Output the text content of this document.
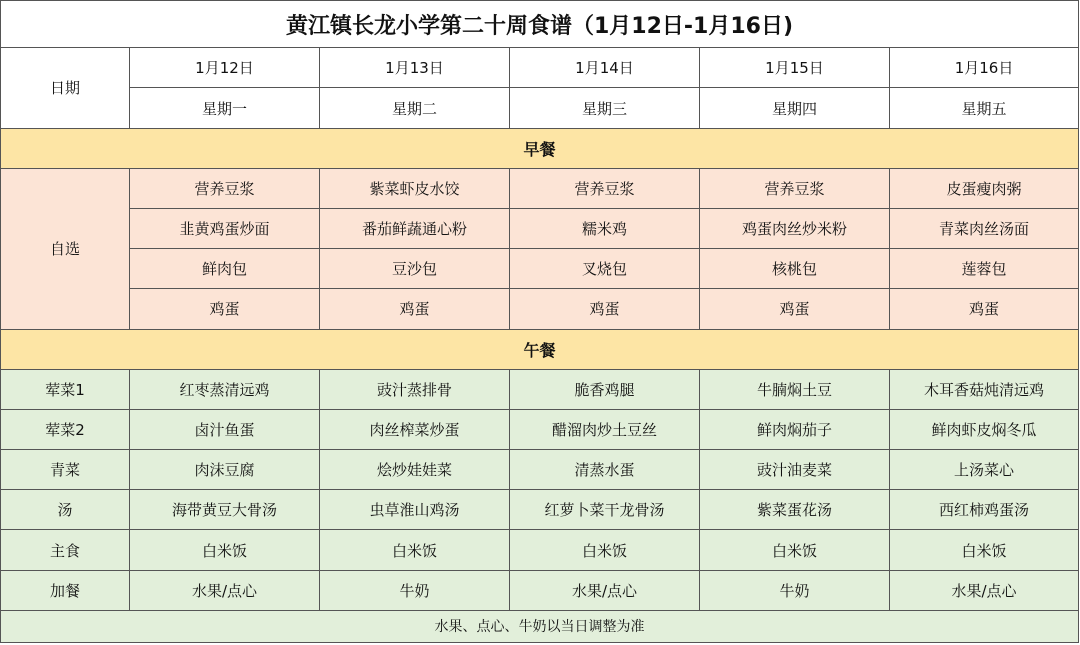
黄江镇长龙小学第二十周食谱（1月12日-1月16日)					
日期	1月12日	1月13日	1月14日	1月15日	1月16日
	星期一	星期二	星期三	星期四	星期五
早餐					
自选	营养豆浆	紫菜虾皮水饺	营养豆浆	营养豆浆	皮蛋瘦肉粥
	韭黄鸡蛋炒面	番茄鲜蔬通心粉	糯米鸡	鸡蛋肉丝炒米粉	青菜肉丝汤面
	鲜肉包	豆沙包	叉烧包	核桃包	莲蓉包
	鸡蛋	鸡蛋	鸡蛋	鸡蛋	鸡蛋
午餐					
荤菜1	红枣蒸清远鸡	豉汁蒸排骨	脆香鸡腿	牛腩焖土豆	木耳香菇炖清远鸡
荤菜2	卤汁鱼蛋	肉丝榨菜炒蛋	醋溜肉炒土豆丝	鲜肉焖茄子	鲜肉虾皮焖冬瓜
青菜	肉沫豆腐	烩炒娃娃菜	清蒸水蛋	豉汁油麦菜	上汤菜心
汤	海带黄豆大骨汤	虫草淮山鸡汤	红萝卜菜干龙骨汤	紫菜蛋花汤	西红柿鸡蛋汤
主食	白米饭	白米饭	白米饭	白米饭	白米饭
加餐	水果/点心	牛奶	水果/点心	牛奶	水果/点心
水果、点心、牛奶以当日调整为准					
